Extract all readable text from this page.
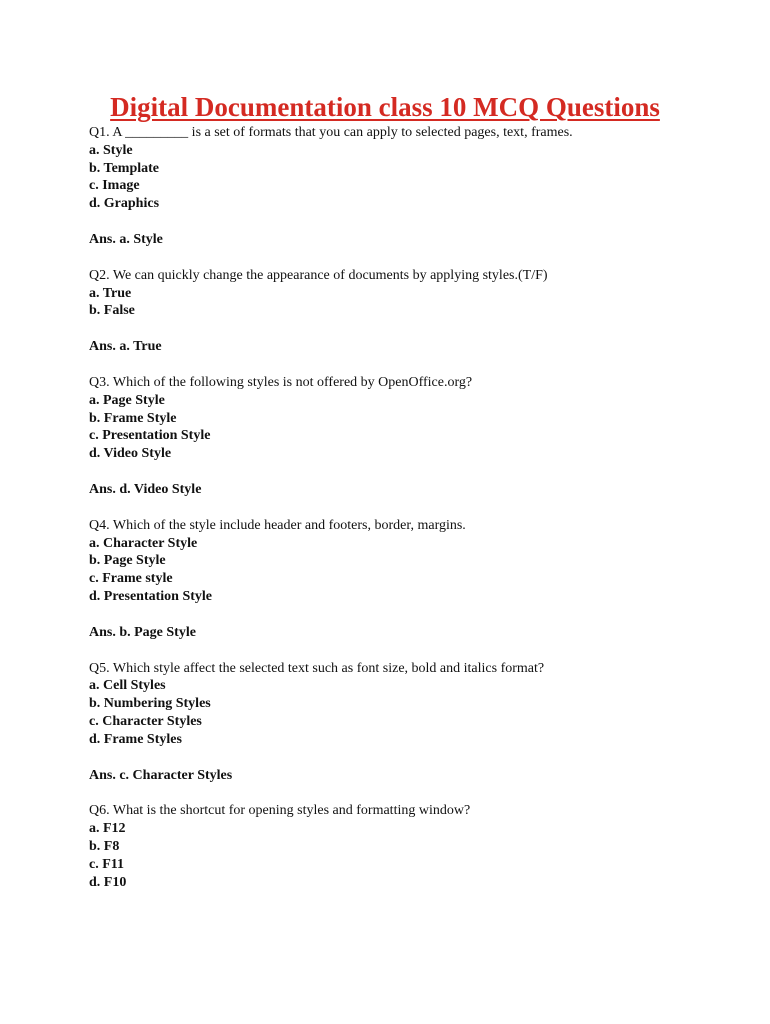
Digital Documentation class 10 MCQ Questions

Q1. A _________ is a set of formats that you can apply to selected pages, text, frames.

a. Style

b. Template

c. Image

d. Graphics

Ans. a. Style

Q2. We can quickly change the appearance of documents by applying styles.(T/F)

a. True

b. False

Ans. a. True

Q3. Which of the following styles is not offered by OpenOffice.org?

a. Page Style

b. Frame Style

c. Presentation Style

d. Video Style

Ans. d. Video Style

Q4. Which of the style include header and footers, border, margins.

a. Character Style

b. Page Style

c. Frame style

d. Presentation Style

Ans. b. Page Style

Q5. Which style affect the selected text such as font size, bold and italics format?

a. Cell Styles

b. Numbering Styles

c. Character Styles

d. Frame Styles

Ans. c. Character Styles

Q6. What is the shortcut for opening styles and formatting window?

a. F12

b. F8

c. F11

d. F10
